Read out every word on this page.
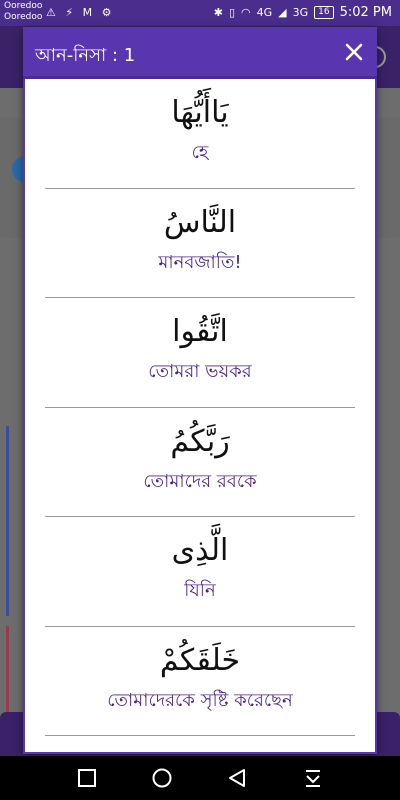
Ooredoo
Ooredoo ⚠ ⚡ M ⚙	✱ ▯ ◠ 4G ◢ 3G	16 5:02 PM
আন-নিসা : 1
يَاأَيُّهَا
হে
النَّاسُ
মানবজাতি!
اتَّقُوا
তোমরা ভয়কর
رَبَّكُمُ
তোমাদের রবকে
الَّذِى
যিনি
خَلَقَكُمْ
তোমাদেরকে সৃষ্টি করেছেন
